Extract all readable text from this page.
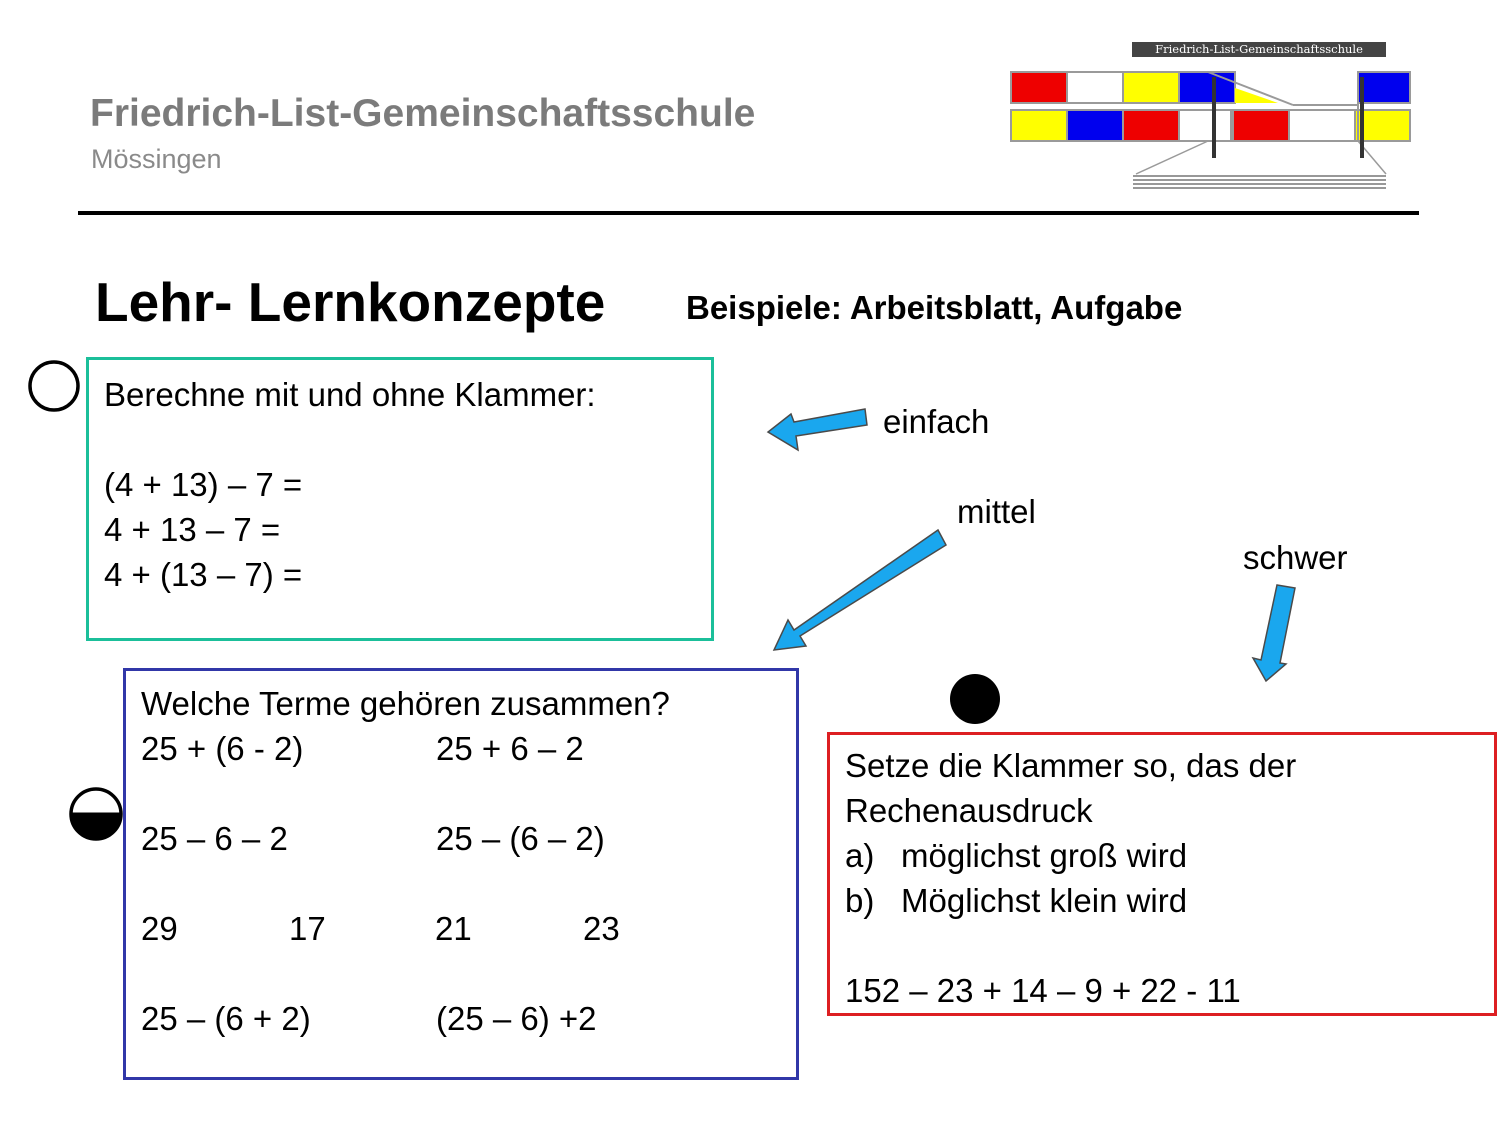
Friedrich-List-Gemeinschaftsschule
Mössingen
Friedrich-List-Gemeinschaftsschule
Lehr- Lernkonzepte Beispiele: Arbeitsblatt, Aufgabe
einfach
mittel
schwer
Berechne mit und ohne Klammer:
(4 + 13) – 7 =
4 + 13 – 7 =
4 + (13 – 7) =
Welche Terme gehören zusammen?
25 + (6 - 2)	25 + 6 – 2
25 – 6 – 2	25 – (6 – 2)
29	17	21	23
25 – (6 + 2)	(25 – 6) +2
Setze die Klammer so, das der
Rechenausdruck
a) möglichst groß wird
b) Möglichst klein wird
152 – 23 + 14 – 9 + 22 - 11
